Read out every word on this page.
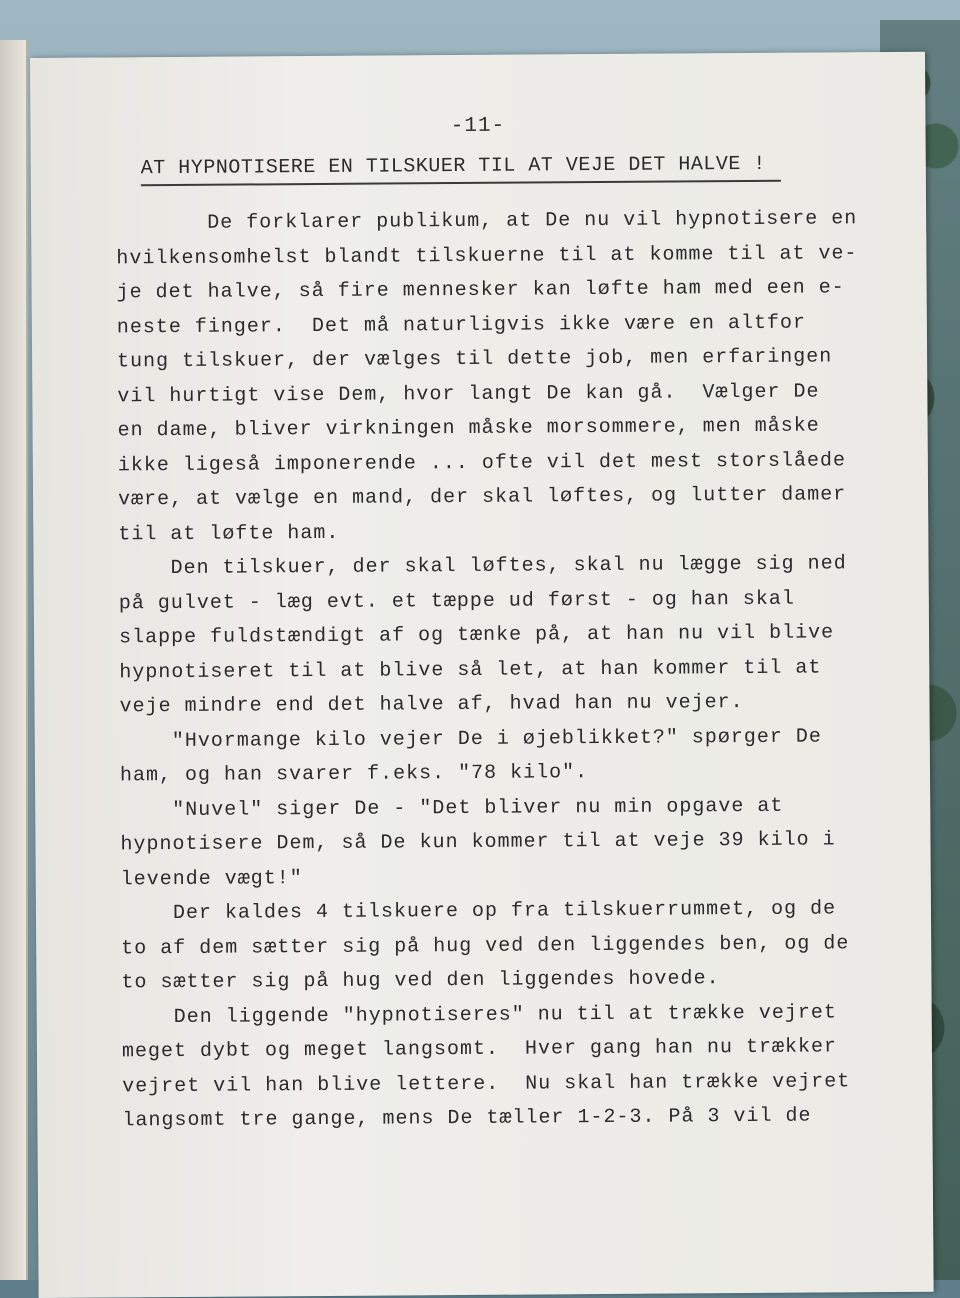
-11-
AT HYPNOTISERE EN TILSKUER TIL AT VEJE DET HALVE !
De forklarer publikum, at De nu vil hypnotisere en
hvilkensomhelst blandt tilskuerne til at komme til at ve-
je det halve, så fire mennesker kan løfte ham med een e-
neste finger.  Det må naturligvis ikke være en altfor
tung tilskuer, der vælges til dette job, men erfaringen
vil hurtigt vise Dem, hvor langt De kan gå.  Vælger De
en dame, bliver virkningen måske morsommere, men måske
ikke ligeså imponerende ... ofte vil det mest storslåede
være, at vælge en mand, der skal løftes, og lutter damer
til at løfte ham.
Den tilskuer, der skal løftes, skal nu lægge sig ned
på gulvet - læg evt. et tæppe ud først - og han skal
slappe fuldstændigt af og tænke på, at han nu vil blive
hypnotiseret til at blive så let, at han kommer til at
veje mindre end det halve af, hvad han nu vejer.
"Hvormange kilo vejer De i øjeblikket?" spørger De
ham, og han svarer f.eks. "78 kilo".
"Nuvel" siger De - "Det bliver nu min opgave at
hypnotisere Dem, så De kun kommer til at veje 39 kilo i
levende vægt!"
Der kaldes 4 tilskuere op fra tilskuerrummet, og de
to af dem sætter sig på hug ved den liggendes ben, og de
to sætter sig på hug ved den liggendes hovede.
Den liggende "hypnotiseres" nu til at trække vejret
meget dybt og meget langsomt.  Hver gang han nu trækker
vejret vil han blive lettere.  Nu skal han trække vejret
langsomt tre gange, mens De tæller 1-2-3. På 3 vil de
